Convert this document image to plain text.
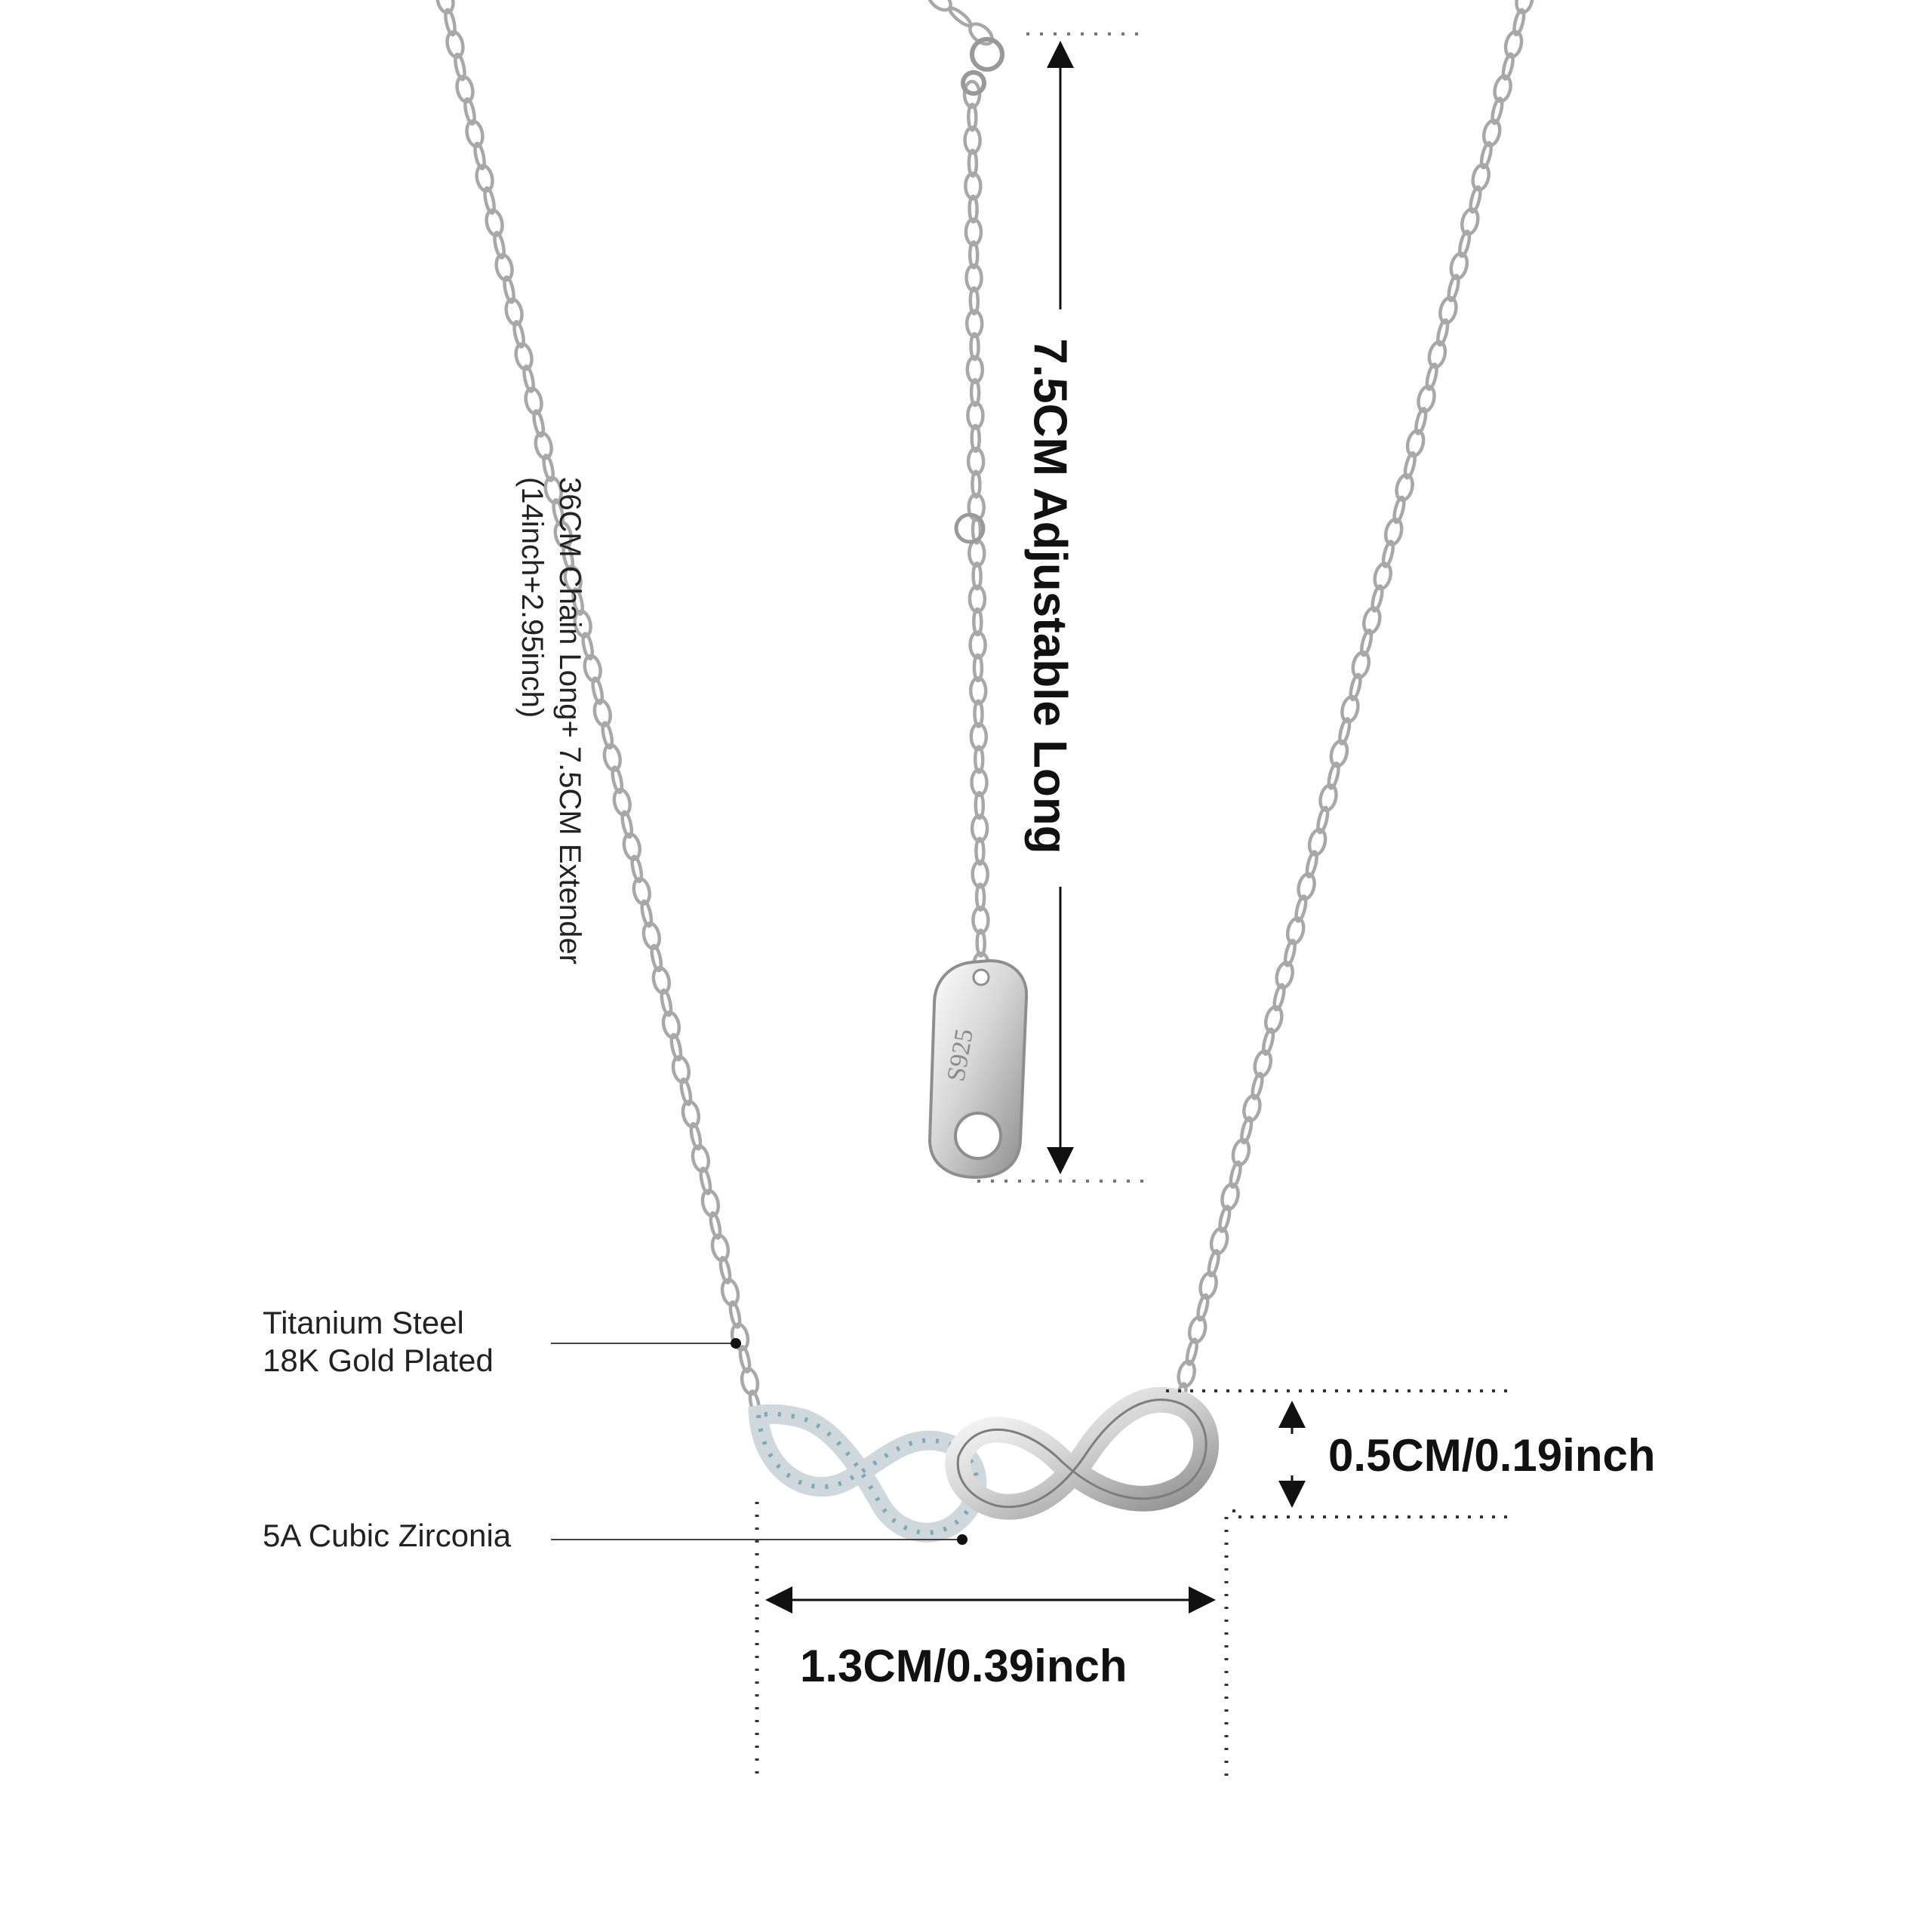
S925
36CM Chain Long+ 7.5CM Extender
(14inch+2.95inch)	7.5CM Adjustable Long
Titanium Steel
18K Gold Plated
5A Cubic Zirconia
0.5CM/0.19inch
1.3CM/0.39inch
